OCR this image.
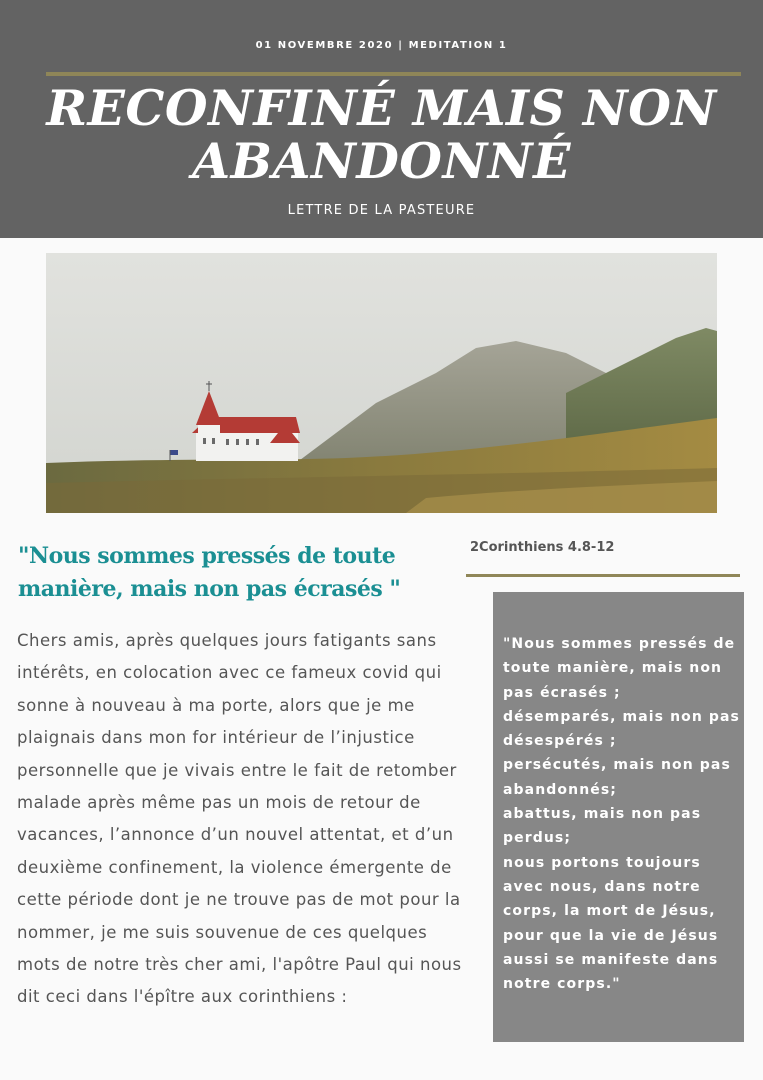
01 NOVEMBRE 2020 | MEDITATION 1
RECONFINÉ MAIS NON
ABANDONNÉ
LETTRE DE LA PASTEURE
"Nous sommes pressés de toute manière, mais non pas écrasés "
2Corinthiens 4.8-12

Chers amis, après quelques jours fatigants sans intérêts, en colocation avec ce fameux covid qui sonne à nouveau à ma porte, alors que je me plaignais dans mon for intérieur de l’injustice personnelle que je vivais entre le fait de retomber malade après même pas un mois de retour de vacances, l’annonce d’un nouvel attentat, et d’un deuxième confinement, la violence émergente de cette période dont je ne trouve pas de mot pour la nommer, je me suis souvenue de ces quelques mots de notre très cher ami, l'apôtre Paul qui nous dit ceci dans l'épître aux corinthiens :

"Nous sommes pressés de toute manière, mais non pas écrasés ;
désemparés, mais non pas désespérés ;
persécutés, mais non pas abandonnés;
abattus, mais non pas perdus;
nous portons toujours avec nous, dans notre corps, la mort de Jésus,
pour que la vie de Jésus aussi se manifeste dans notre corps."
